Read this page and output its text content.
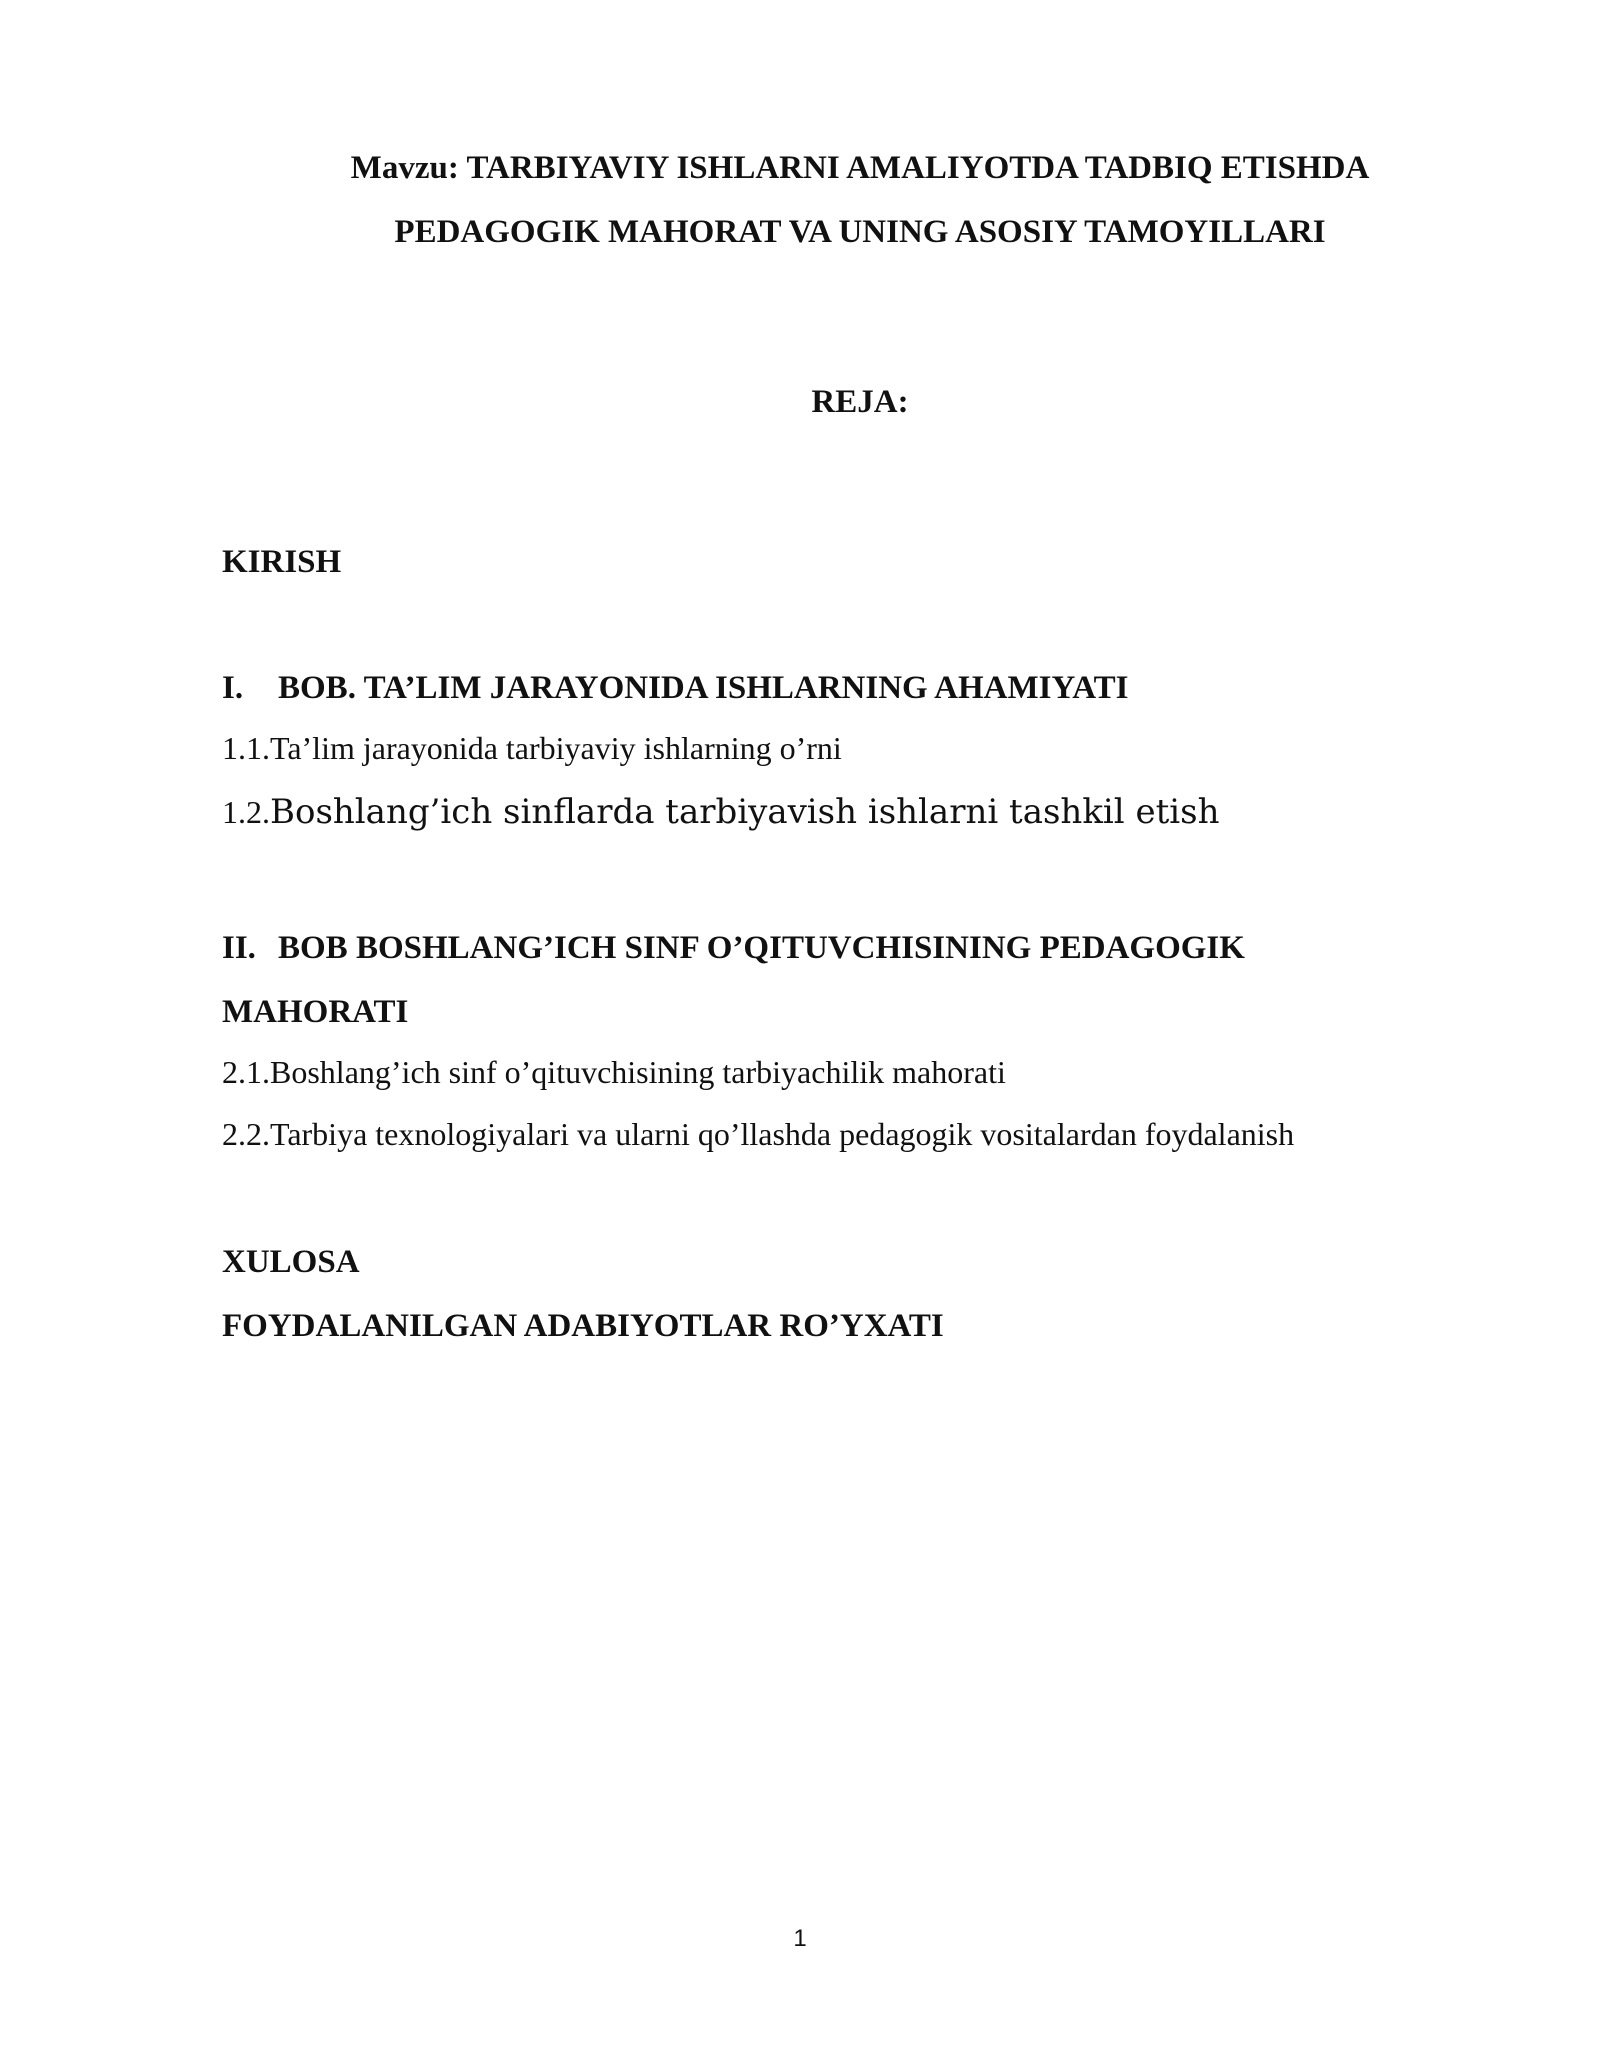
Mavzu: TARBIYAVIY ISHLARNI AMALIYOTDA TADBIQ ETISHDA
PEDAGOGIK MAHORAT VA UNING ASOSIY TAMOYILLARI
REJA:
KIRISH
I. BOB. TA’LIM JARAYONIDA ISHLARNING AHAMIYATI
1.1.Ta’lim jarayonida tarbiyaviy ishlarning o’rni
1.2.Boshlang’ich sinflarda tarbiyavish ishlarni tashkil etish
II. BOB BOSHLANG’ICH SINF O’QITUVCHISINING PEDAGOGIK
MAHORATI
2.1.Boshlang’ich sinf o’qituvchisining tarbiyachilik mahorati
2.2.Tarbiya texnologiyalari va ularni qo’llashda pedagogik vositalardan foydalanish
XULOSA
FOYDALANILGAN ADABIYOTLAR RO’YXATI
1
